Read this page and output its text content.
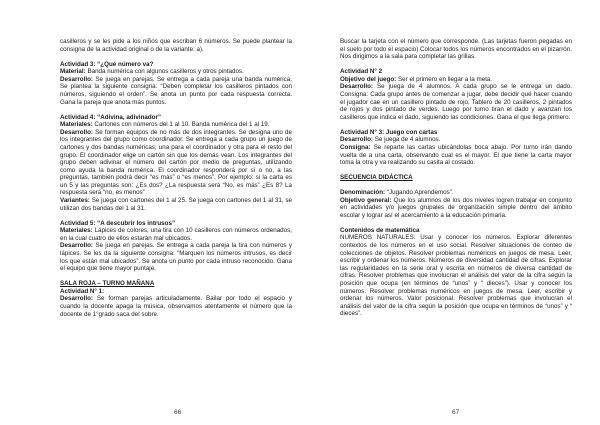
casilleros y se les pide a los niños que escriban 6 números. Se puede plantear la consigna de la actividad original o de la variante: a).

Actividad 3: “¿Qué número va?
Material: Banda numérica con algunos casilleros y otros pintados.
Desarrollo: Se juega en parejas. Se entrega a cada pareja una banda numérica. Se plantea la siguiente consigna: “Deben completar los casilleros pintados con números, siguiendo el orden”. Se anota un punto por cada respuesta correcta. Gana la pareja que anota más puntos.

Actividad 4: “Adivina, adivinador”
Materiales: Cartones con números del 1 al 10. Banda numérica del 1 al 19.
Desarrollo: Se forman equipos de no más de dos integrantes. Se designa uno de los integrantes del grupo como coordinador. Se entrega a cada grupo un juego de cartones y dos bandas numéricas; una para el coordinador y otra para el resto del grupo. El coordinador elige un cartón sin que los demás vean. Los integrantes del grupo deben adivinar el número del cartón por medio de preguntas, utilizando como ayuda la banda numérica. El coordinador responderá por sí o no, a las preguntas, también podrá decir “es más” o “es menos”. Por ejemplo: si la carta es un 5 y las preguntas son: ¿Es dos? ¿La respuesta será “No, es más” ¿Es 8? La respuesta será “no, es menos”
Variantes: Se juega con cartones del 1 al 25. Se juega con cartones del 1 al 31, se utilizan dos bandas del 1 al 31.

Actividad 5: “A descubrir los intrusos”
Materiales: Lápices de colores, una tira con 10 casilleros con números ordenados, en la cual cuatro de ellos estarán mal ubicados.
Desarrollo: Se juega en parejas. Se entrega a cada pareja la tira con números y lápices. Se les da la siguiente consigna: “Marquen los números intrusos, es decir los que están mal ubicados”. Se anota un punto por cada intruso reconocido. Gana el equipo que tiene mayor puntaje.

SALA ROJA – TURNO MAÑANA
Actividad N° 1:
Desarrollo: Se forman parejas articuladamente. Bailar por todo el espacio y cuando la docente apaga la música, observamos atentamente el número que la docente de 1°grado saca del sobre.

Buscar la tarjeta con el número que corresponde. (Las tarjetas fueron pegadas en el suelo por todo el espacio) Colocar todos los números encontrados en el pizarrón. Nos dirigimos a la sala para completar las grillas.

Actividad N° 2
Objetivo del juego: Ser el primero en llegar a la meta.
Desarrollo: Se juega de 4 alumnos. A cada grupo se le entrega un dado. Consigna: Cada grupo antes de comenzar a jugar, debe decidir qué hacer cuando el jugador cae en un casillero pintado de rojo. Tablero de 20 casilleros, 2 pintados de rojos y dos pintado de verdes. Luego por turno tiran el dado y avanzan los casilleros que indica el dado, siguiendo las condiciones. Gana el que llega primero.

Actividad N° 3: Juego con cartas
Desarrollo: Se juega de 4 alumnos.
Consigna: Se reparte las cartas ubicándolas boca abajo. Por turno irán dando vuelta de a una carta, observando cual es el mayor. El que tiene la carta mayor toma la otra y va realizando su casita al costado.

SECUENCIA DIDÁCTICA

Denominación: “Jugando Aprendemos”.
Objetivo general: Que los alumnos de los dos niveles logren trabajar en conjunto en actividades y/o juegos grupales de organización simple dentro del ámbito escolar y lograr así el acercamiento a la educación primaria.

Contenidos de matemática
NUMEROS NATURALES: Usar y conocer los números. Explorar diferentes contextos de los números en el uso social. Resolver situaciones de conteo de colecciones de objetos. Resolver problemas numéricos en juegos de mesa. Leer, escribir y ordenar los números. Números de diversidad cantidad de cifras. Explorar las regularidades en la serie oral y escrita en números de diversa cantidad de cifras. Resolver problemas que involucran el análisis del valor de la cifra según la posición que ocupa (en términos de “unos” y “ dieces”). Usar y conocer los números. Resolver problemas numéricos en juegos de mesa. Leer, escribir y ordenar los números. Valor posicional. Resolver problemas que involucran el análisis del valor de la cifra según la posición que ocupa en términos de “unos” y “ dieces”.

66	67
